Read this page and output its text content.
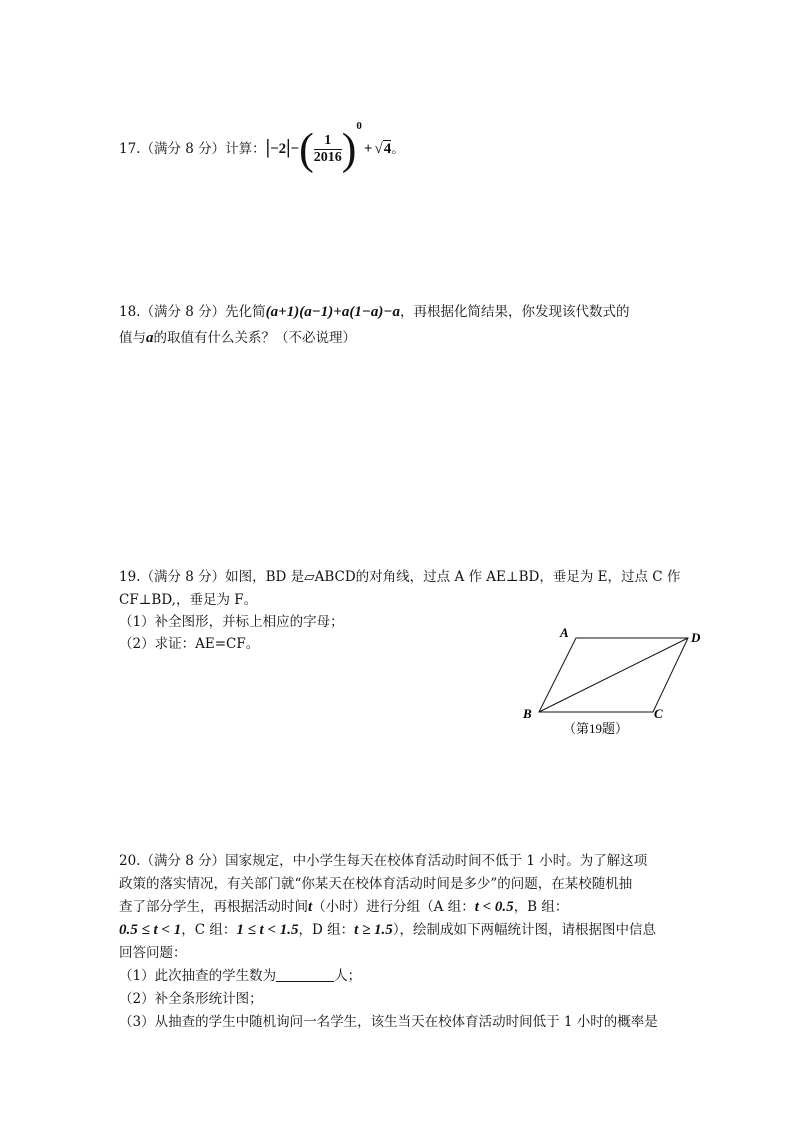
17.（满分 8 分）计算：$|-2|-( \frac{1}{2016} )^0+ √4$。
18.（满分 8 分）先化简(a+1)(a−1)+a(1−a)−a，再根据化简结果，你发现该代数式的
值与a的取值有什么关系？（不必说理）
19.（满分 8 分）如图，BD 是▱ABCD的对角线，过点 A 作 AE⊥BD，垂足为 E，过点 C 作
CF⊥BD,，垂足为 F。
（1）补全图形，并标上相应的字母；
（2）求证：AE=CF。
A	D
B	C
（第19题）
20.（满分 8 分）国家规定，中小学生每天在校体育活动时间不低于 1 小时。为了解这项
政策的落实情况，有关部门就“你某天在校体育活动时间是多少”的问题，在某校随机抽
查了部分学生，再根据活动时间t（小时）进行分组（A 组：t < 0.5，B 组：
0.5 ≤ t < 1，C 组：1 ≤ t < 1.5，D 组：t ≥ 1.5），绘制成如下两幅统计图，请根据图中信息
回答问题：
（1）此次抽查的学生数为	人；
（2）补全条形统计图；
（3）从抽查的学生中随机询问一名学生，该生当天在校体育活动时间低于 1 小时的概率是
